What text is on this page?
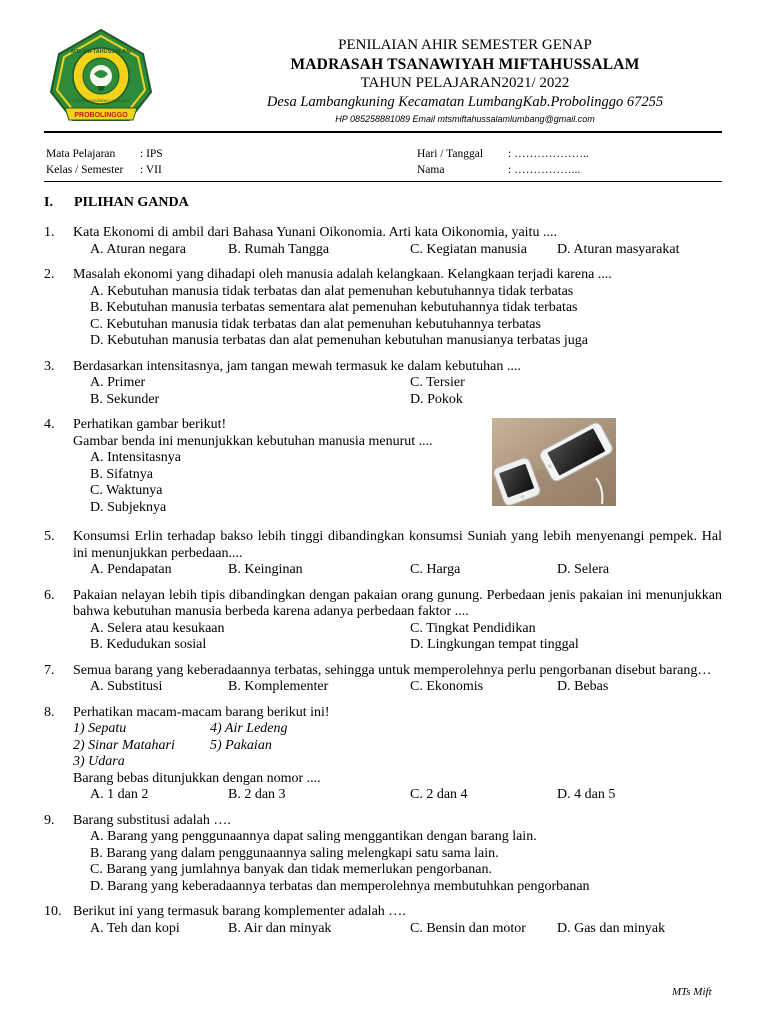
MTs MIFTAHUSSALAM
LUMBANGKUNING LUMBANG
PROBOLINGGO
PENILAIAN AHIR SEMESTER GENAP
MADRASAH TSANAWIYAH MIFTAHUSSALAM
TAHUN PELAJARAN2021/ 2022
Desa Lambangkuning Kecamatan LumbangKab.Probolinggo 67255
HP 085258881089 Email mtsmiftahussalamlumbang@gmail.com
Mata Pelajaran : IPS
Kelas / Semester : VII
Hari / Tanggal : ………………..
Nama	: ……………...
I. PILIHAN GANDA
1. Kata Ekonomi di ambil dari Bahasa Yunani Oikonomia. Arti kata Oikonomia, yaitu ....
A. Aturan negara	B. Rumah Tangga	C. Kegiatan manusia D. Aturan masyarakat
2. Masalah ekonomi yang dihadapi oleh manusia adalah kelangkaan. Kelangkaan terjadi karena ....
A. Kebutuhan manusia tidak terbatas dan alat pemenuhan kebutuhannya tidak terbatas
B. Kebutuhan manusia terbatas sementara alat pemenuhan kebutuhannya tidak terbatas
C. Kebutuhan manusia tidak terbatas dan alat pemenuhan kebutuhannya terbatas
D. Kebutuhan manusia terbatas dan alat pemenuhan kebutuhan manusianya terbatas juga
3. Berdasarkan intensitasnya, jam tangan mewah termasuk ke dalam kebutuhan ....
A. Primer	C. Tersier
B. Sekunder	D. Pokok
4. Perhatikan gambar berikut!
Gambar benda ini menunjukkan kebutuhan manusia menurut ....
A. Intensitasnya
B. Sifatnya
C. Waktunya
D. Subjeknya
5. Konsumsi Erlin terhadap bakso lebih tinggi dibandingkan konsumsi Suniah yang lebih menyenangi pempek. Hal ini menunjukkan perbedaan....
A. Pendapatan	B. Keinginan	C. Harga	D. Selera
6. Pakaian nelayan lebih tipis dibandingkan dengan pakaian orang gunung. Perbedaan jenis pakaian ini menunjukkan bahwa kebutuhan manusia berbeda karena adanya perbedaan faktor ....
A. Selera atau kesukaan	C. Tingkat Pendidikan
B. Kedudukan sosial	D. Lingkungan tempat tinggal
7. Semua barang yang keberadaannya terbatas, sehingga untuk memperolehnya perlu pengorbanan disebut barang…
A. Substitusi	B. Komplementer	C. Ekonomis	D. Bebas
8. Perhatikan macam-macam barang berikut ini!
1) Sepatu	4) Air Ledeng
2) Sinar Matahari	5) Pakaian
3) Udara
Barang bebas ditunjukkan dengan nomor ....
A. 1 dan 2	B. 2 dan 3	C. 2 dan 4	D. 4 dan 5
9. Barang substitusi adalah ….
A. Barang yang penggunaannya dapat saling menggantikan dengan barang lain.
B. Barang yang dalam penggunaannya saling melengkapi satu sama lain.
C. Barang yang jumlahnya banyak dan tidak memerlukan pengorbanan.
D. Barang yang keberadaannya terbatas dan memperolehnya membutuhkan pengorbanan
10. Berikut ini yang termasuk barang komplementer adalah ….
A. Teh dan kopi	B. Air dan minyak	C. Bensin dan motor D. Gas dan minyak
MTs Mift
